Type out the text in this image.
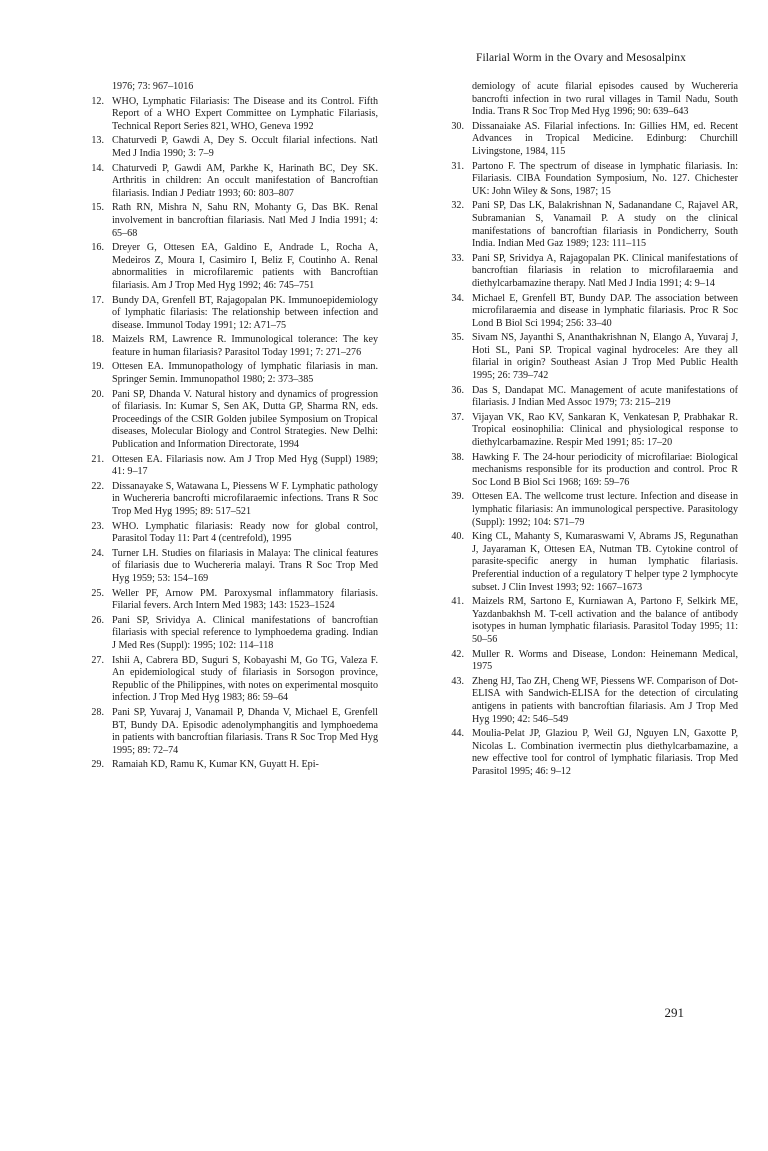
Filarial Worm in the Ovary and Mesosalpinx
1976; 73: 967–1016
12. WHO, Lymphatic Filariasis: The Disease and its Control. Fifth Report of a WHO Expert Committee on Lymphatic Filariasis, Technical Report Series 821, WHO, Geneva 1992
13. Chaturvedi P, Gawdi A, Dey S. Occult filarial infections. Natl Med J India 1990; 3: 7–9
14. Chaturvedi P, Gawdi AM, Parkhe K, Harinath BC, Dey SK. Arthritis in children: An occult manifestation of Bancroftian filariasis. Indian J Pediatr 1993; 60: 803–807
15. Rath RN, Mishra N, Sahu RN, Mohanty G, Das BK. Renal involvement in bancroftian filariasis. Natl Med J India 1991; 4: 65–68
16. Dreyer G, Ottesen EA, Galdino E, Andrade L, Rocha A, Medeiros Z, Moura I, Casimiro I, Beliz F, Coutinho A. Renal abnormalities in microfilaremic patients with Bancroftian filariasis. Am J Trop Med Hyg 1992; 46: 745–751
17. Bundy DA, Grenfell BT, Rajagopalan PK. Immunoepidemiology of lymphatic filariasis: The relationship between infection and disease. Immunol Today 1991; 12: A71–75
18. Maizels RM, Lawrence R. Immunological tolerance: The key feature in human filariasis? Parasitol Today 1991; 7: 271–276
19. Ottesen EA. Immunopathology of lymphatic filariasis in man. Springer Semin. Immunopathol 1980; 2: 373–385
20. Pani SP, Dhanda V. Natural history and dynamics of progression of filariasis. In: Kumar S, Sen AK, Dutta GP, Sharma RN, eds. Proceedings of the CSIR Golden jubilee Symposium on Tropical diseases, Molecular Biology and Control Strategies. New Delhi: Publication and Information Directorate, 1994
21. Ottesen EA. Filariasis now. Am J Trop Med Hyg (Suppl) 1989; 41: 9–17
22. Dissanayake S, Watawana L, Piessens W F. Lymphatic pathology in Wuchereria bancrofti microfilaraemic infections. Trans R Soc Trop Med Hyg 1995; 89: 517–521
23. WHO. Lymphatic filariasis: Ready now for global control, Parasitol Today 11: Part 4 (centrefold), 1995
24. Turner LH. Studies on filariasis in Malaya: The clinical features of filariasis due to Wuchereria malayi. Trans R Soc Trop Med Hyg 1959; 53: 154–169
25. Weller PF, Arnow PM. Paroxysmal inflammatory filariasis. Filarial fevers. Arch Intern Med 1983; 143: 1523–1524
26. Pani SP, Srividya A. Clinical manifestations of bancroftian filariasis with special reference to lymphoedema grading. Indian J Med Res (Suppl): 1995; 102: 114–118
27. Ishii A, Cabrera BD, Suguri S, Kobayashi M, Go TG, Valeza F. An epidemiological study of filariasis in Sorsogon province, Republic of the Philippines, with notes on experimental mosquito infection. J Trop Med Hyg 1983; 86: 59–64
28. Pani SP, Yuvaraj J, Vanamail P, Dhanda V, Michael E, Grenfell BT, Bundy DA. Episodic adenolymphangitis and lymphoedema in patients with bancroftian filariasis. Trans R Soc Trop Med Hyg 1995; 89: 72–74
29. Ramaiah KD, Ramu K, Kumar KN, Guyatt H. Epi-
demiology of acute filarial episodes caused by Wuchereria bancrofti infection in two rural villages in Tamil Nadu, South India. Trans R Soc Trop Med Hyg 1996; 90: 639–643
30. Dissanaiake AS. Filarial infections. In: Gillies HM, ed. Recent Advances in Tropical Medicine. Edinburg: Churchill Livingstone, 1984, 115
31. Partono F. The spectrum of disease in lymphatic filariasis. In: Filariasis. CIBA Foundation Symposium, No. 127. Chichester UK: John Wiley & Sons, 1987; 15
32. Pani SP, Das LK, Balakrishnan N, Sadanandane C, Rajavel AR, Subramanian S, Vanamail P. A study on the clinical manifestations of bancroftian filariasis in Pondicherry, South India. Indian Med Gaz 1989; 123: 111–115
33. Pani SP, Srividya A, Rajagopalan PK. Clinical manifestations of bancroftian filariasis in relation to microfilaraemia and diethylcarbamazine therapy. Natl Med J India 1991; 4: 9–14
34. Michael E, Grenfell BT, Bundy DAP. The association between microfilaraemia and disease in lymphatic filariasis. Proc R Soc Lond B Biol Sci 1994; 256: 33–40
35. Sivam NS, Jayanthi S, Ananthakrishnan N, Elango A, Yuvaraj J, Hoti SL, Pani SP. Tropical vaginal hydroceles: Are they all filarial in origin? Southeast Asian J Trop Med Public Health 1995; 26: 739–742
36. Das S, Dandapat MC. Management of acute manifestations of filariasis. J Indian Med Assoc 1979; 73: 215–219
37. Vijayan VK, Rao KV, Sankaran K, Venkatesan P, Prabhakar R. Tropical eosinophilia: Clinical and physiological response to diethylcarbamazine. Respir Med 1991; 85: 17–20
38. Hawking F. The 24-hour periodicity of microfilariae: Biological mechanisms responsible for its production and control. Proc R Soc Lond B Biol Sci 1968; 169: 59–76
39. Ottesen EA. The wellcome trust lecture. Infection and disease in lymphatic filariasis: An immunological perspective. Parasitology (Suppl): 1992; 104: S71–79
40. King CL, Mahanty S, Kumaraswami V, Abrams JS, Regunathan J, Jayaraman K, Ottesen EA, Nutman TB. Cytokine control of parasite-specific anergy in human lymphatic filariasis. Preferential induction of a regulatory T helper type 2 lymphocyte subset. J Clin Invest 1993; 92: 1667–1673
41. Maizels RM, Sartono E, Kurniawan A, Partono F, Selkirk ME, Yazdanbakhsh M. T-cell activation and the balance of antibody isotypes in human lymphatic filariasis. Parasitol Today 1995; 11: 50–56
42. Muller R. Worms and Disease, London: Heinemann Medical, 1975
43. Zheng HJ, Tao ZH, Cheng WF, Piessens WF. Comparison of Dot-ELISA with Sandwich-ELISA for the detection of circulating antigens in patients with bancroftian filariasis. Am J Trop Med Hyg 1990; 42: 546–549
44. Moulia-Pelat JP, Glaziou P, Weil GJ, Nguyen LN, Gaxotte P, Nicolas L. Combination ivermectin plus diethylcarbamazine, a new effective tool for control of lymphatic filariasis. Trop Med Parasitol 1995; 46: 9–12
291
